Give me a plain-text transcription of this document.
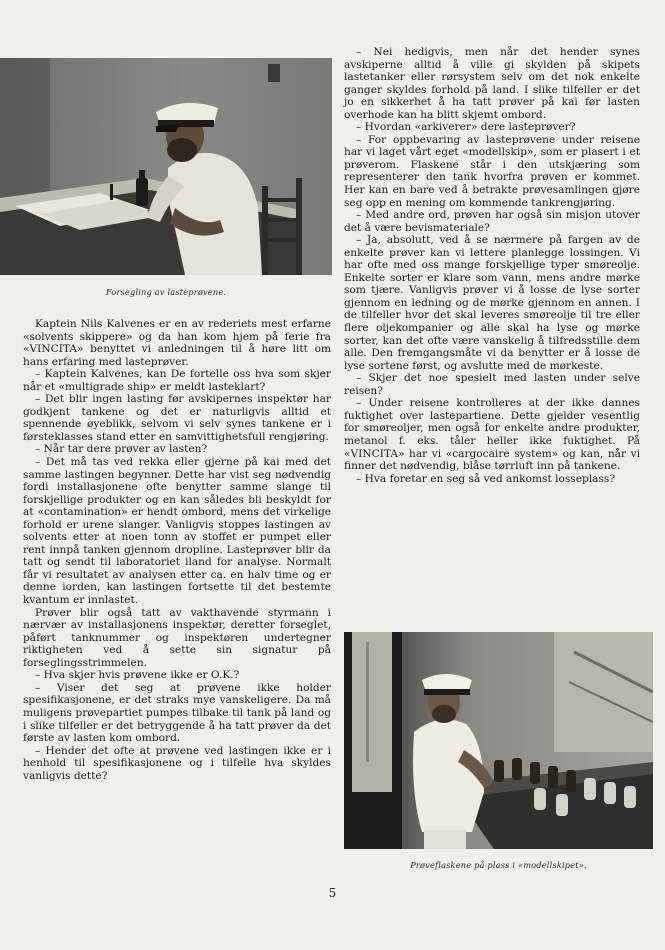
Forsegling av lasteprøvene.

Kaptein Nils Kalvenes er en av rederiets mest erfarne «solvents skippere» og da han kom hjem på ferie fra «VINCITA» benyttet vi anledningen til å høre litt om hans erfaring med lasteprøver.

– Kaptein Kalvenes, kan De fortelle oss hva som skjer når et «multigrade ship» er meldt lasteklart?

– Det blir ingen lasting før avskipernes inspektør har godkjent tankene og det er naturligvis alltid et spennende øyeblikk, selvom vi selv synes tankene er i førsteklasses stand etter en samvittighetsfull rengjøring.

– Når tar dere prøver av lasten?

– Det må tas ved rekka eller gjerne på kai med det samme lastingen begynner. Dette har vist seg nødvendig fordi installasjonene ofte benytter samme slange til forskjellige produkter og en kan således bli beskyldt for at «contamination» er hendt ombord, mens det virkelige forhold er urene slanger. Vanligvis stoppes lastingen av solvents etter at noen tonn av stoffet er pumpet eller rent innpå tanken gjennom dropline. Lasteprøver blir da tatt og sendt til laboratoriet iland for analyse. Normalt får vi resultatet av analysen etter ca. en halv time og er denne iorden, kan lastingen fortsette til det bestemte kvantum er innlastet.

Prøver blir også tatt av vakthavende styrmann i nærvær av installasjonens inspektør, deretter forseglet, påført tanknummer og inspektøren undertegner riktigheten ved å sette sin signatur på forseglingsstrimmelen.

– Hva skjer hvis prøvene ikke er O.K.?

– Viser det seg at prøvene ikke holder spesifikasjonene, er det straks mye vanskeligere. Da må muligens prøvepartiet pumpes tilbake til tank på land og i slike tilfeller er det betryggende å ha tatt prøver da det første av lasten kom ombord.

– Hender det ofte at prøvene ved lastingen ikke er i henhold til spesifikasjonene og i tilfelle hva skyldes vanligvis dette?

– Nei hedigvis, men når det hender synes avskiperne alltid å ville gi skylden på skipets lastetanker eller rørsystem selv om det nok enkelte ganger skyldes forhold på land. I slike tilfeller er det jo en sikkerhet å ha tatt prøver på kai før lasten overhode kan ha blitt skjemt ombord.

– Hvordan «arkiverer» dere lasteprøver?

– For oppbevaring av lasteprøvene under reisene har vi laget vårt eget «modellskip», som er plasert i et prøverom. Flaskene står i den utskjæring som representerer den tank hvorfra prøven er kommet. Her kan en bare ved å betrakte prøvesamlingen gjøre seg opp en mening om kommende tankrengjøring.

– Med andre ord, prøven har også sin misjon utover det å være bevismateriale?

– Ja, absolutt, ved å se nærmere på fargen av de enkelte prøver kan vi lettere planlegge lossingen. Vi har ofte med oss mange forskjellige typer smøreolje. Enkelte sorter er klare som vann, mens andre mørke som tjære. Vanligvis prøver vi å losse de lyse sorter gjennom en ledning og de mørke gjennom en annen. I de tilfeller hvor det skal leveres smøreolje til tre eller flere oljekompanier og alle skal ha lyse og mørke sorter, kan det ofte være vanskelig å tilfredsstille dem alle. Den fremgangsmåte vi da benytter er å losse de lyse sortene først, og avslutte med de mørkeste.

– Skjer det noe spesielt med lasten under selve reisen?

– Under reisene kontrolleres at der ikke dannes fuktighet over lastepartiene. Dette gjelder vesentlig for smøreoljer, men også for enkelte andre produkter, metanol f. eks. tåler heller ikke fuktighet. På «VINCITA» har vi «cargocaire system» og kan, når vi finner det nødvendig, blåse tørrluft inn på tankene.

– Hva foretar en seg så ved ankomst losseplass?

Prøveflaskene på plass i «modellskipet».
5
